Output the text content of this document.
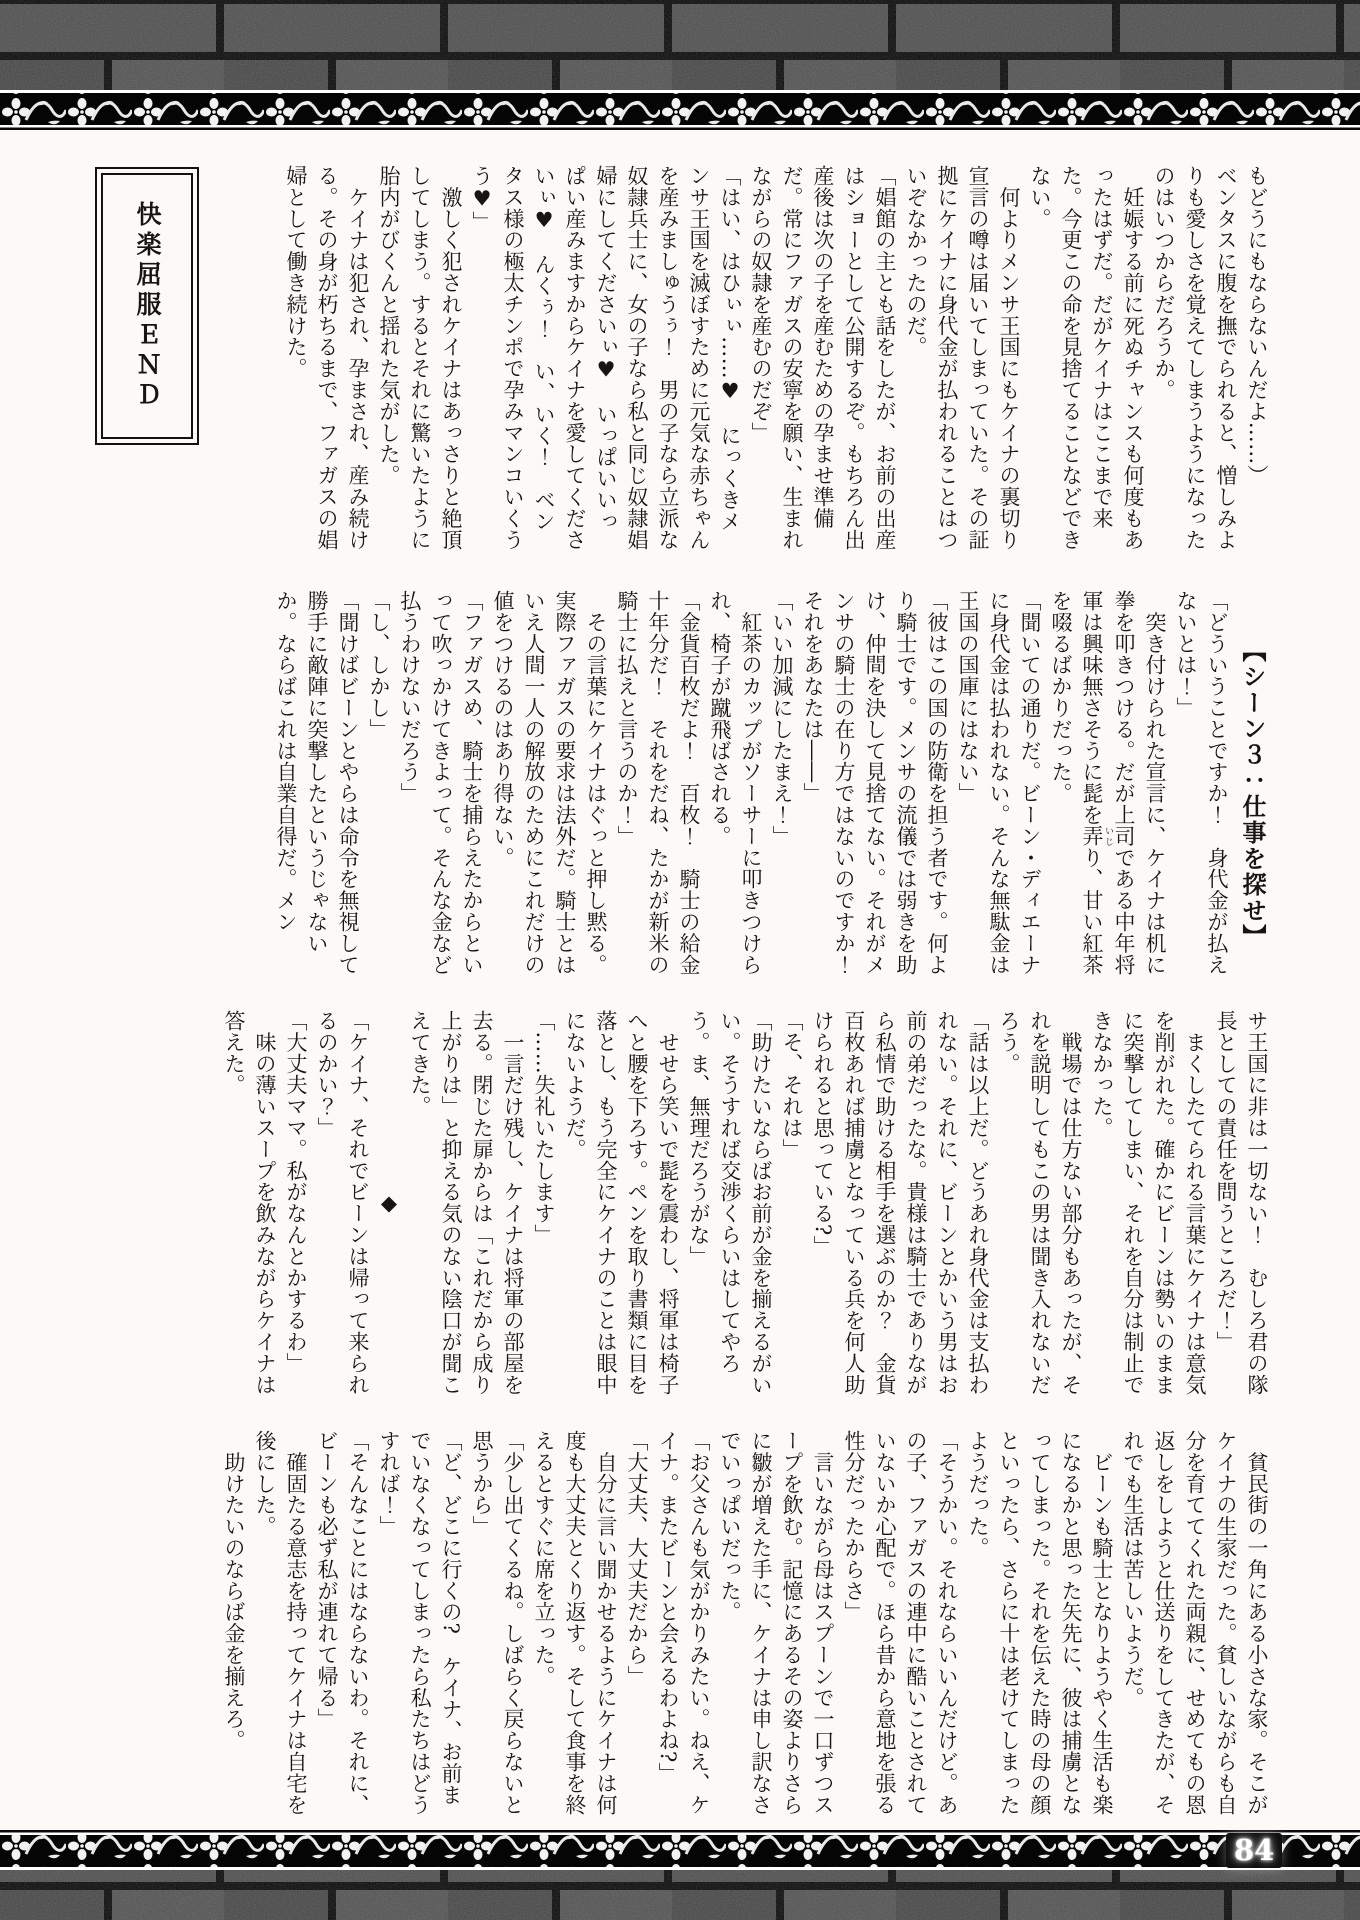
もどうにもならないんだよ……）

ベンタスに腹を撫でられると、憎しみよりも愛しさを覚えてしまうようになったのはいつからだろうか。

　妊娠する前に死ぬチャンスも何度もあったはずだ。だがケイナはここまで来た。今更この命を見捨てることなどできない。

　何よりメンサ王国にもケイナの裏切り宣言の噂は届いてしまっていた。その証拠にケイナに身代金が払われることはついぞなかったのだ。

「娼館の主とも話をしたが、お前の出産はショーとして公開するぞ。もちろん出産後は次の子を産むための孕ませ準備だ。常にファガスの安寧を願い、生まれながらの奴隷を産むのだぞ」

「はい、はひぃぃ……♥　にっくきメンサ王国を滅ぼすために元気な赤ちゃんを産みましゅうぅ！　男の子なら立派な奴隷兵士に、女の子なら私と同じ奴隷娼婦にしてくださいぃ♥　いっぱいいっぱい産みますからケイナを愛してくださいぃ♥　んくぅ！　い、いく！　ベンタス様の極太チンポで孕みマンコいくうう♥」

　激しく犯されケイナはあっさりと絶頂してしまう。するとそれに驚いたように胎内がびくんと揺れた気がした。

　ケイナは犯され、孕まされ、産み続ける。その身が朽ちるまで、ファガスの娼婦として働き続けた。

【シーン３：仕事を探せ】

「どういうことですか！　身代金が払えないとは！」

　突き付けられた宣言に、ケイナは机に拳を叩きつける。だが上司である中年将軍は興味無さそうに髭を弄 いじり、甘い紅茶を啜るばかりだった。

「聞いての通りだ。ビーン・ディエーナに身代金は払われない。そんな無駄金は王国の国庫にはない」

「彼はこの国の防衛を担う者です。何より騎士です。メンサの流儀では弱きを助け、仲間を決して見捨てない。それがメンサの騎士の在り方ではないのですか！　それをあなたは――」

「いい加減にしたまえ！」

　紅茶のカップがソーサーに叩きつけられ、椅子が蹴飛ばされる。

「金貨百枚だよ！　百枚！　騎士の給金十年分だ！　それをだね、たかが新米の騎士に払えと言うのか！」

　その言葉にケイナはぐっと押し黙る。実際ファガスの要求は法外だ。騎士とはいえ人間一人の解放のためにこれだけの値をつけるのはあり得ない。

「ファガスめ、騎士を捕らえたからといって吹っかけてきよって。そんな金など払うわけないだろう」

「し、しかし」

「聞けばビーンとやらは命令を無視して勝手に敵陣に突撃したというじゃないか。ならばこれは自業自得だ。メン

サ王国に非は一切ない！　むしろ君の隊長としての責任を問うところだ！」

　まくしたてられる言葉にケイナは意気を削がれた。確かにビーンは勢いのままに突撃してしまい、それを自分は制止できなかった。

　戦場では仕方ない部分もあったが、それを説明してもこの男は聞き入れないだろう。

「話は以上だ。どうあれ身代金は支払われない。それに、ビーンとかいう男はお前の弟だったな。貴様は騎士でありながら私情で助ける相手を選ぶのか？　金貨百枚あれば捕虜となっている兵を何人助けられると思っている?」

「そ、それは」

「助けたいならばお前が金を揃えるがいい。そうすれば交渉くらいはしてやろう。ま、無理だろうがな」

　せせら笑いで髭を震わし、将軍は椅子へと腰を下ろす。ペンを取り書類に目を落とし、もう完全にケイナのことは眼中にないようだ。

「……失礼いたします」

　一言だけ残し、ケイナは将軍の部屋を去る。閉じた扉からは「これだから成り上がりは」と抑える気のない陰口が聞こえてきた。

◆

「ケイナ、それでビーンは帰って来られるのかい？」

「大丈夫ママ。私がなんとかするわ」

　味の薄いスープを飲みながらケイナは答えた。

　貧民街の一角にある小さな家。そこがケイナの生家だった。貧しいながらも自分を育ててくれた両親に、せめてもの恩返しをしようと仕送りをしてきたが、それでも生活は苦しいようだ。

　ビーンも騎士となりようやく生活も楽になるかと思った矢先に、彼は捕虜となってしまった。それを伝えた時の母の顔といったら、さらに十は老けてしまったようだった。

「そうかい。それならいいんだけど。あの子、ファガスの連中に酷いことされていないか心配で。ほら昔から意地を張る性分だったからさ」

　言いながら母はスプーンで一口ずつスープを飲む。記憶にあるその姿よりさらに皺が増えた手に、ケイナは申し訳なさでいっぱいだった。

「お父さんも気がかりみたい。ねえ、ケイナ。またビーンと会えるわよね?」

「大丈夫、大丈夫だから」

　自分に言い聞かせるようにケイナは何度も大丈夫とくり返す。そして食事を終えるとすぐに席を立った。

「少し出てくるね。しばらく戻らないと思うから」

「ど、どこに行くの?　ケイナ、お前までいなくなってしまったら私たちはどうすれば！」

「そんなことにはならないわ。それに、ビーンも必ず私が連れて帰る」

　確固たる意志を持ってケイナは自宅を後にした。

　助けたいのならば金を揃えろ。

快楽屈服ＥＮＤ
84
